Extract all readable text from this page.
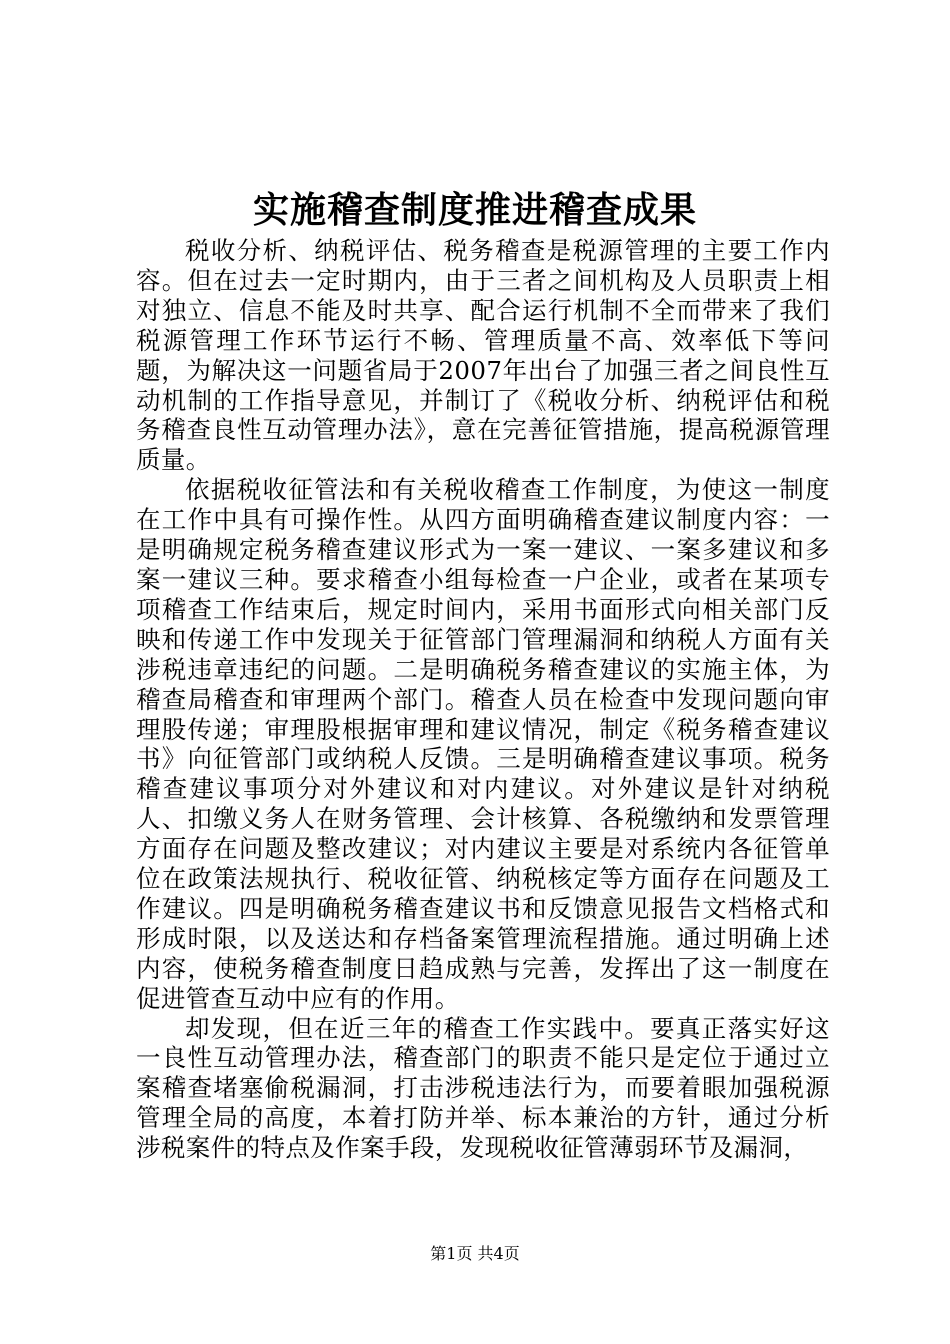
实施稽查制度推进稽查成果

税收分析、纳税评估、税务稽查是税源管理的主要工作内容。但在过去一定时期内，由于三者之间机构及人员职责上相对独立、信息不能及时共享、配合运行机制不全而带来了我们税源管理工作环节运行不畅、管理质量不高、效率低下等问题，为解决这一问题省局于2007年出台了加强三者之间良性互动机制的工作指导意见，并制订了《税收分析、纳税评估和税务稽查良性互动管理办法》，意在完善征管措施，提高税源管理质量。

依据税收征管法和有关税收稽查工作制度，为使这一制度在工作中具有可操作性。从四方面明确稽查建议制度内容：一是明确规定税务稽查建议形式为一案一建议、一案多建议和多案一建议三种。要求稽查小组每检查一户企业，或者在某项专项稽查工作结束后，规定时间内，采用书面形式向相关部门反映和传递工作中发现关于征管部门管理漏洞和纳税人方面有关涉税违章违纪的问题。二是明确税务稽查建议的实施主体，为稽查局稽查和审理两个部门。稽查人员在检查中发现问题向审理股传递；审理股根据审理和建议情况，制定《税务稽查建议书》向征管部门或纳税人反馈。三是明确稽查建议事项。税务稽查建议事项分对外建议和对内建议。对外建议是针对纳税人、扣缴义务人在财务管理、会计核算、各税缴纳和发票管理方面存在问题及整改建议；对内建议主要是对系统内各征管单位在政策法规执行、税收征管、纳税核定等方面存在问题及工作建议。四是明确税务稽查建议书和反馈意见报告文档格式和形成时限，以及送达和存档备案管理流程措施。通过明确上述内容，使税务稽查制度日趋成熟与完善，发挥出了这一制度在促进管查互动中应有的作用。

却发现，但在近三年的稽查工作实践中。要真正落实好这一良性互动管理办法，稽查部门的职责不能只是定位于通过立案稽查堵塞偷税漏洞，打击涉税违法行为，而要着眼加强税源管理全局的高度，本着打防并举、标本兼治的方针，通过分析涉税案件的特点及作案手段，发现税收征管薄弱环节及漏洞，

第1页 共4页
